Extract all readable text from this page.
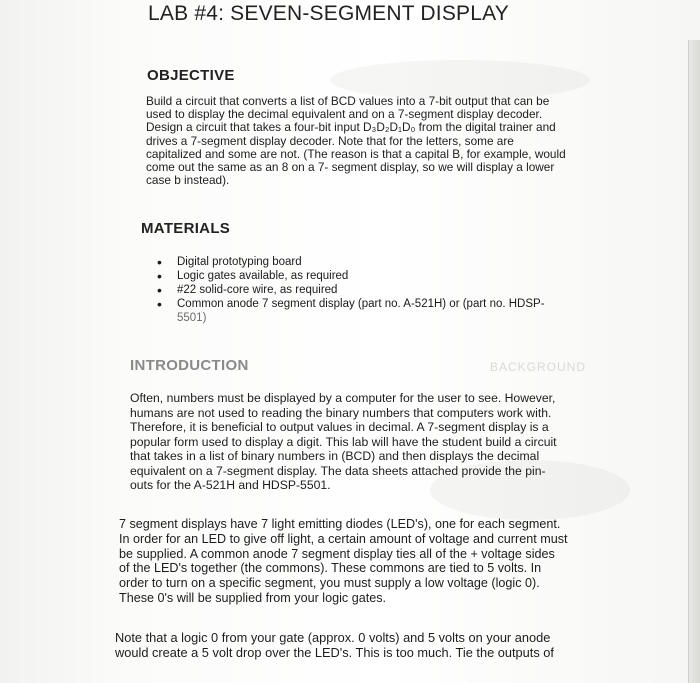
LAB #4: SEVEN-SEGMENT DISPLAY
OBJECTIVE
Build a circuit that converts a list of BCD values into a 7-bit output that can be
used to display the decimal equivalent and on a 7-segment display decoder.
Design a circuit that takes a four-bit input D₃D₂D₁D₀ from the digital trainer and
drives a 7-segment display decoder. Note that for the letters, some are
capitalized and some are not. (The reason is that a capital B, for example, would
come out the same as an 8 on a 7- segment display, so we will display a lower
case b instead).
MATERIALS
• Digital prototyping board
• Logic gates available, as required
• #22 solid-core wire, as required
• Common anode 7 segment display (part no. A-521H) or (part no. HDSP-
5501)
INTRODUCTION	BACKGROUND
Often, numbers must be displayed by a computer for the user to see. However,
humans are not used to reading the binary numbers that computers work with.
Therefore, it is beneficial to output values in decimal. A 7-segment display is a
popular form used to display a digit. This lab will have the student build a circuit
that takes in a list of binary numbers in (BCD) and then displays the decimal
equivalent on a 7-segment display. The data sheets attached provide the pin-
outs for the A-521H and HDSP-5501.
7 segment displays have 7 light emitting diodes (LED's), one for each segment.
In order for an LED to give off light, a certain amount of voltage and current must
be supplied. A common anode 7 segment display ties all of the + voltage sides
of the LED's together (the commons). These commons are tied to 5 volts. In
order to turn on a specific segment, you must supply a low voltage (logic 0).
These 0's will be supplied from your logic gates.
Note that a logic 0 from your gate (approx. 0 volts) and 5 volts on your anode
would create a 5 volt drop over the LED's. This is too much. Tie the outputs of
